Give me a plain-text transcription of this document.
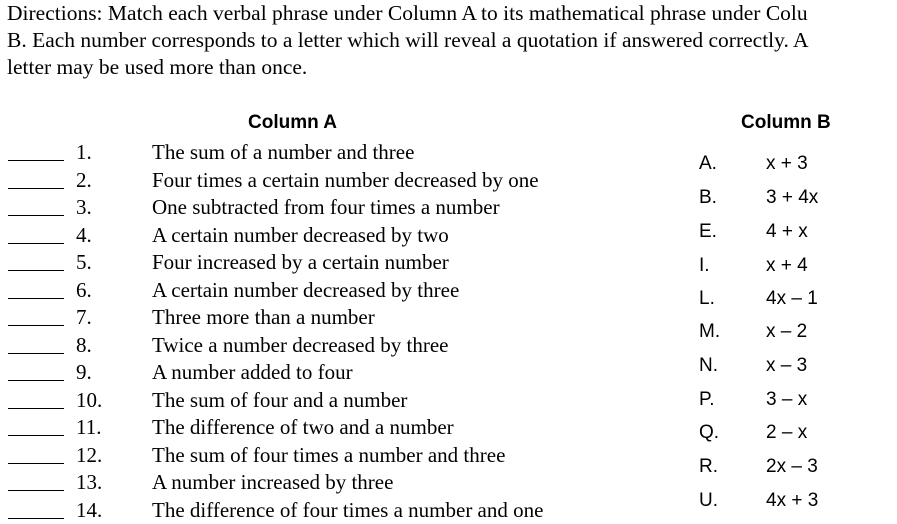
Directions: Match each verbal phrase under Column A to its mathematical phrase under Colu
B. Each number corresponds to a letter which will reveal a quotation if answered correctly. A
letter may be used more than once.
Column A	Column B
1.	The sum of a number and three
2.	Four times a certain number decreased by one
3.	One subtracted from four times a number
4.	A certain number decreased by two
5.	Four increased by a certain number
6.	A certain number decreased by three
7.	Three more than a number
8.	Twice a number decreased by three
9.	A number added to four
10. The sum of four and a number
11. The difference of two and a number
12. The sum of four times a number and three
13. A number increased by three
14. The difference of four times a number and one
A.	x + 3
B.	3 + 4x
E.	4 + x
I.	x + 4
L.	4x – 1
M. x – 2
N.	x – 3
P.	3 – x
Q. 2 – x
R.	2x – 3
U.	4x + 3
